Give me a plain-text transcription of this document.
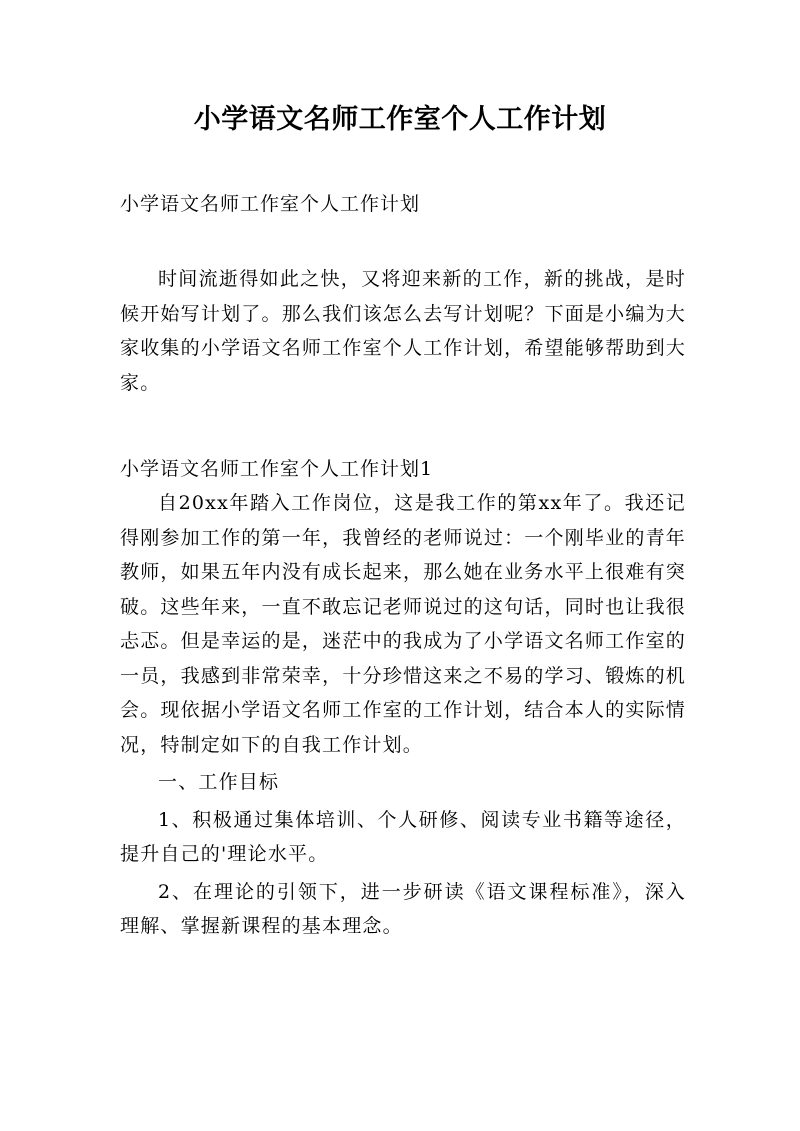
小学语文名师工作室个人工作计划
小学语文名师工作室个人工作计划

时间流逝得如此之快，又将迎来新的工作，新的挑战，是时候开始写计划了。那么我们该怎么去写计划呢？下面是小编为大家收集的小学语文名师工作室个人工作计划，希望能够帮助到大家。

小学语文名师工作室个人工作计划1

自20xx年踏入工作岗位，这是我工作的第xx年了。我还记得刚参加工作的第一年，我曾经的老师说过：一个刚毕业的青年教师，如果五年内没有成长起来，那么她在业务水平上很难有突破。这些年来，一直不敢忘记老师说过的这句话，同时也让我很忐忑。但是幸运的是，迷茫中的我成为了小学语文名师工作室的一员，我感到非常荣幸，十分珍惜这来之不易的学习、锻炼的机会。现依据小学语文名师工作室的工作计划，结合本人的实际情况，特制定如下的自我工作计划。

一、工作目标

1、积极通过集体培训、个人研修、阅读专业书籍等途径，提升自己的'理论水平。

2、在理论的引领下，进一步研读《语文课程标准》，深入理解、掌握新课程的基本理念。
